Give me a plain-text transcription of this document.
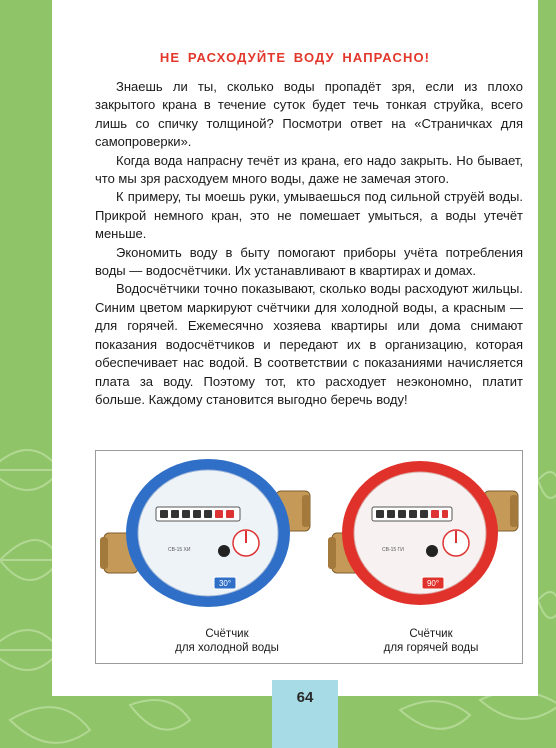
НЕ РАСХОДУЙТЕ ВОДУ НАПРАСНО!

Знаешь ли ты, сколько воды пропадёт зря, если из плохо закрытого крана в течение суток будет течь тонкая струйка, всего лишь со спичку толщиной? Посмотри ответ на «Страничках для самопроверки».

Когда вода напрасну течёт из крана, его надо закрыть. Но бывает, что мы зря расходуем много воды, даже не замечая этого.

К примеру, ты моешь руки, умываешься под сильной струёй воды. Прикрой немного кран, это не помешает умыться, а воды утечёт меньше.

Экономить воду в быту помогают приборы учёта потребления воды — водосчётчики. Их устанавливают в квартирах и домах.

Водосчётчики точно показывают, сколько воды расходуют жильцы. Синим цветом маркируют счётчики для холодной воды, а красным — для горячей. Ежемесячно хозяева квартиры или дома снимают показания водосчётчиков и передают их в организацию, которая обеспечивает нас водой. В соответствии с показаниями начисляется плата за воду. Поэтому тот, кто расходует неэкономно, платит больше. Каждому становится выгодно беречь воду!

СВ-15 ХИ
30°
СВ-15 ГИ
90°
Счётчик
для холодной воды
Счётчик
для горячей воды
64
